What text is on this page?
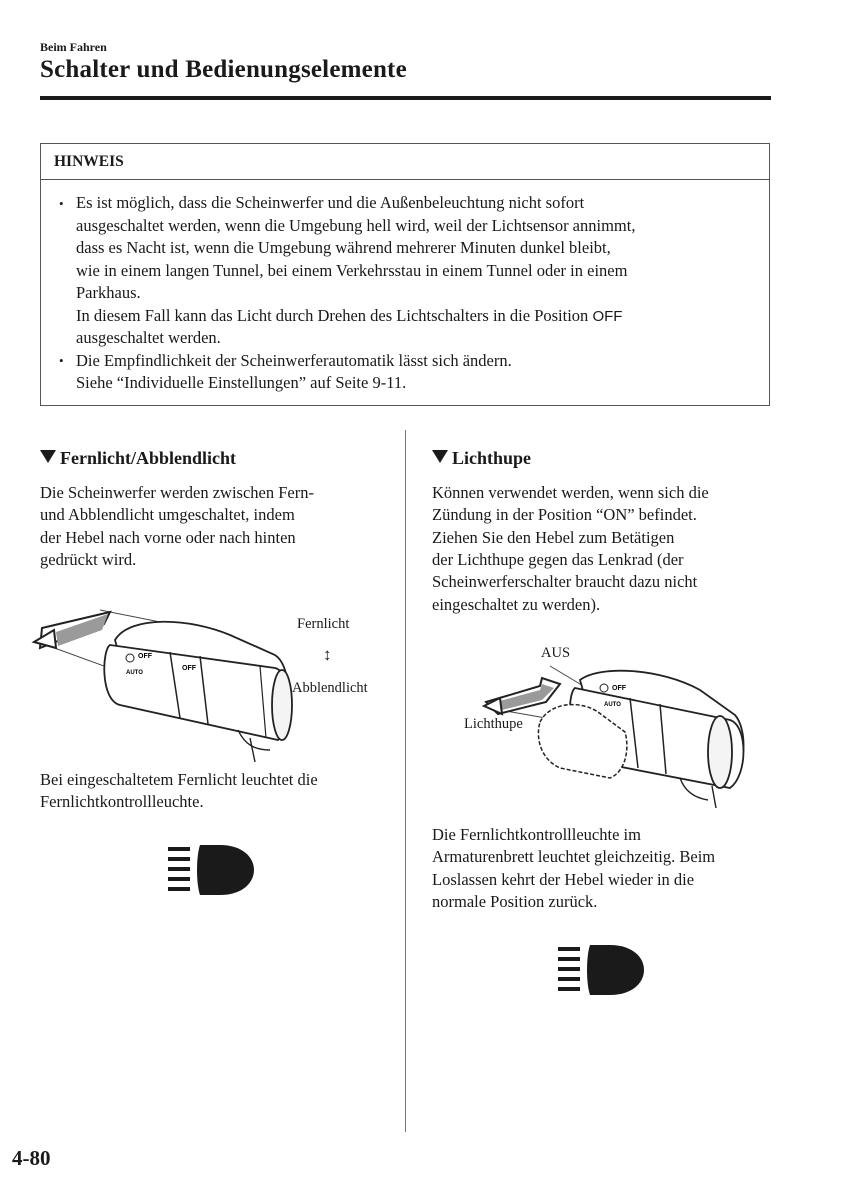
Beim Fahren
Schalter und Bedienungselemente
HINWEIS
• Es ist möglich, dass die Scheinwerfer und die Außenbeleuchtung nicht sofort
ausgeschaltet werden, wenn die Umgebung hell wird, weil der Lichtsensor annimmt,
dass es Nacht ist, wenn die Umgebung während mehrerer Minuten dunkel bleibt,
wie in einem langen Tunnel, bei einem Verkehrsstau in einem Tunnel oder in einem
Parkhaus.
In diesem Fall kann das Licht durch Drehen des Lichtschalters in die Position OFF
ausgeschaltet werden.
• Die Empfindlichkeit der Scheinwerferautomatik lässt sich ändern.
Siehe “Individuelle Einstellungen” auf Seite 9-11.
Fernlicht/Abblendlicht
Die Scheinwerfer werden zwischen Fern-
und Abblendlicht umgeschaltet, indem
der Hebel nach vorne oder nach hinten
gedrückt wird.
OFF
AUTO
OFF
Fernlicht
↕
Abblendlicht
Bei eingeschaltetem Fernlicht leuchtet die
Fernlichtkontrollleuchte.
Lichthupe
Können verwendet werden, wenn sich die
Zündung in der Position “ON” befindet.
Ziehen Sie den Hebel zum Betätigen
der Lichthupe gegen das Lenkrad (der
Scheinwerferschalter braucht dazu nicht
eingeschaltet zu werden).
AUS
Lichthupe
OFF
AUTO
Die Fernlichtkontrollleuchte im
Armaturenbrett leuchtet gleichzeitig. Beim
Loslassen kehrt der Hebel wieder in die
normale Position zurück.
4-80
